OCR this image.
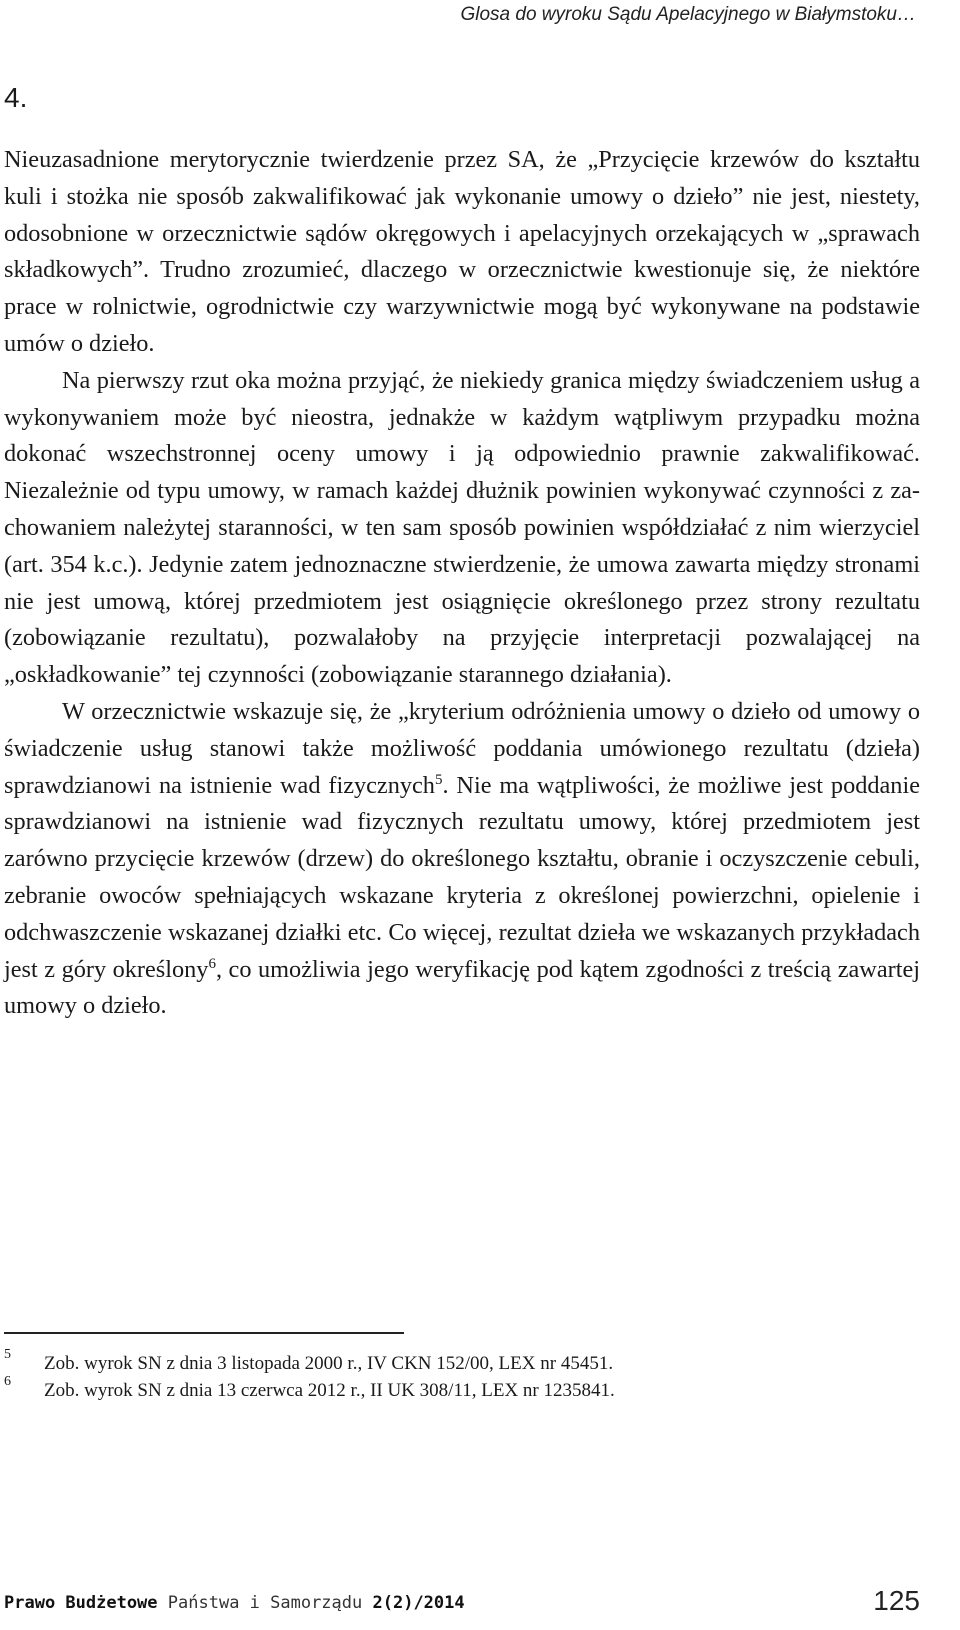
Glosa do wyroku Sądu Apelacyjnego w Białymstoku…
4.

Nieuzasadnione merytorycznie twierdzenie przez SA, że „Przycięcie krzewów do kształtu kuli i stożka nie sposób zakwalifikować jak wykonanie umowy o dzieło” nie jest, niestety, odosobnione w orzecznictwie sądów okręgowych i apelacyjnych orzekających w „sprawach składkowych”. Trudno zrozumieć, dlaczego w orzecznictwie kwestionuje się, że niektóre prace w rolnictwie, ogrodnictwie czy warzywnictwie mogą być wykonywane na podstawie umów o dzieło.

Na pierwszy rzut oka można przyjąć, że niekiedy granica między świadczeniem usług a wykonywaniem może być nieostra, jednakże w każdym wątpliwym przypadku można dokonać wszechstronnej oceny umowy i ją odpowiednio prawnie zakwalifikować. Niezależnie od typu umowy, w ramach każdej dłużnik powinien wykonywać czynności z zachowaniem należytej staranności, w ten sam sposób powinien współdziałać z nim wierzyciel (art. 354 k.c.). Jedynie zatem jednoznaczne stwierdzenie, że umowa zawarta między stronami nie jest umową, której przedmiotem jest osiągnięcie określonego przez strony rezultatu (zobowiązanie rezultatu), pozwalałoby na przyjęcie interpretacji pozwalającej na „oskładkowanie” tej czynności (zobowiązanie starannego działania).

W orzecznictwie wskazuje się, że „kryterium odróżnienia umowy o dzieło od umowy o świadczenie usług stanowi także możliwość poddania umówionego rezultatu (dzieła) sprawdzianowi na istnienie wad fizycznych$^5$. Nie ma wątpliwości, że możliwe jest poddanie sprawdzianowi na istnienie wad fizycznych rezultatu umowy, której przedmiotem jest zarówno przycięcie krzewów (drzew) do określonego kształtu, obranie i oczyszczenie cebuli, zebranie owoców spełniających wskazane kryteria z określonej powierzchni, opielenie i odchwaszczenie wskazanej działki etc. Co więcej, rezultat dzieła we wskazanych przykładach jest z góry określony$^6$, co umożliwia jego weryfikację pod kątem zgodności z treścią zawartej umowy o dzieło.

5 Zob. wyrok SN z dnia 3 listopada 2000 r., IV CKN 152/00, LEX nr 45451.
6 Zob. wyrok SN z dnia 13 czerwca 2012 r., II UK 308/11, LEX nr 1235841.
Prawo Budżetowe Państwa i Samorządu 2(2)/2014	125
